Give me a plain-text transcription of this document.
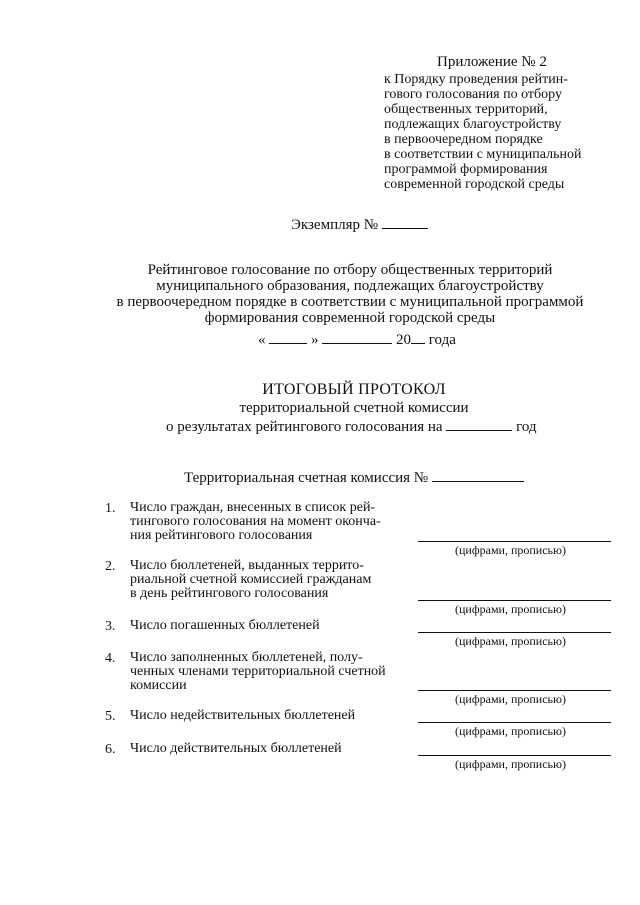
Приложение № 2
к Порядку проведения рейтин-
гового голосования по отбору
общественных территорий,
подлежащих благоустройству
в первоочередном порядке
в соответствии с муниципальной
программой формирования
современной городской среды
Экземпляр №
Рейтинговое голосование по отбору общественных территорий
муниципального образования, подлежащих благоустройству
в первоочередном порядке в соответствии с муниципальной программой
формирования современной городской среды
«	»	20 года
ИТОГОВЫЙ ПРОТОКОЛ
территориальной счетной комиссии
о результатах рейтингового голосования на	год
Территориальная счетная комиссия №
1. Число граждан, внесенных в список рей-
тингового голосования на момент оконча-
ния рейтингового голосования
(цифрами, прописью)
2. Число бюллетеней, выданных террито-
риальной счетной комиссией гражданам
в день рейтингового голосования
(цифрами, прописью)
3. Число погашенных бюллетеней
(цифрами, прописью)
4. Число заполненных бюллетеней, полу-
ченных членами территориальной счетной
комиссии
(цифрами, прописью)
5. Число недействительных бюллетеней
(цифрами, прописью)
6. Число действительных бюллетеней
(цифрами, прописью)
